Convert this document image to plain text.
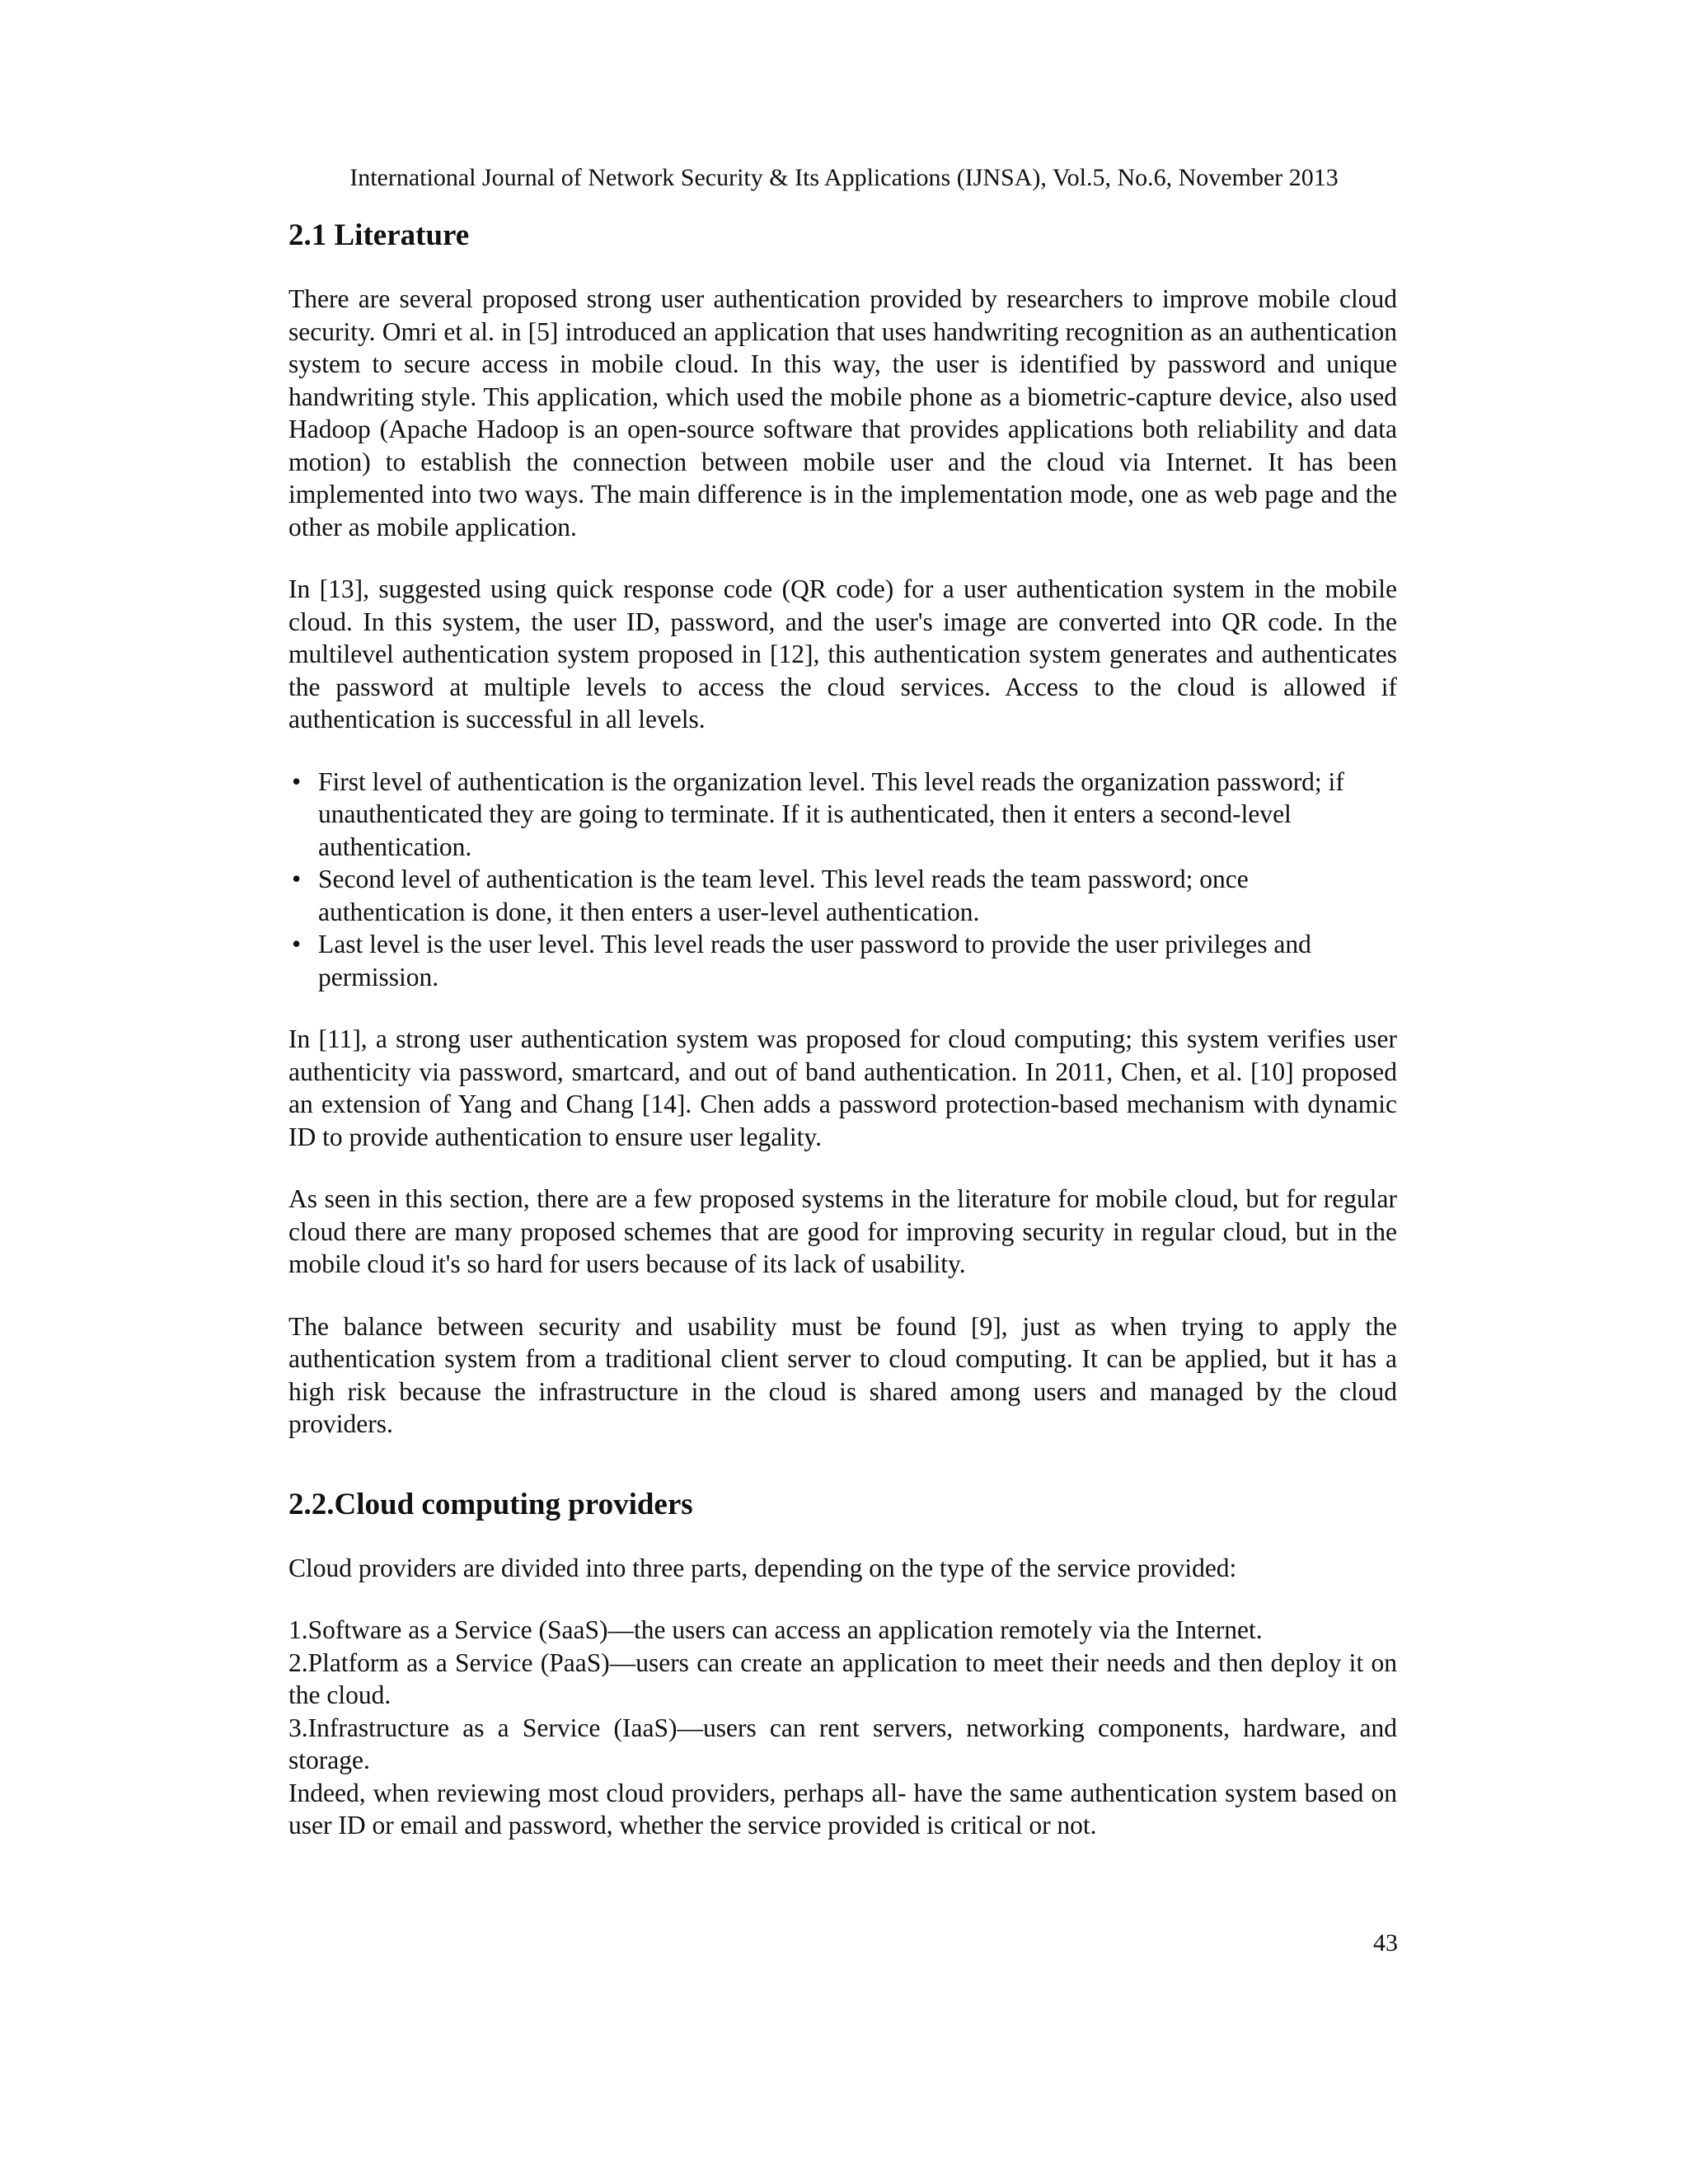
International Journal of Network Security & Its Applications (IJNSA), Vol.5, No.6, November 2013
2.1 Literature

There are several proposed strong user authentication provided by researchers to improve mobile cloud security. Omri et al. in [5] introduced an application that uses handwriting recognition as an authentication system to secure access in mobile cloud. In this way, the user is identified by password and unique handwriting style. This application, which used the mobile phone as a biometric-capture device, also used Hadoop (Apache Hadoop is an open-source software that provides applications both reliability and data motion) to establish the connection between mobile user and the cloud via Internet. It has been implemented into two ways. The main difference is in the implementation mode, one as web page and the other as mobile application.

In [13], suggested using quick response code (QR code) for a user authentication system in the mobile cloud. In this system, the user ID, password, and the user's image are converted into QR code. In the multilevel authentication system proposed in [12], this authentication system generates and authenticates the password at multiple levels to access the cloud services. Access to the cloud is allowed if authentication is successful in all levels.

• First level of authentication is the organization level. This level reads the organization password; if unauthenticated they are going to terminate. If it is authenticated, then it enters a second-level authentication.
• Second level of authentication is the team level. This level reads the team password; once authentication is done, it then enters a user-level authentication.
• Last level is the user level. This level reads the user password to provide the user privileges and permission.

In [11], a strong user authentication system was proposed for cloud computing; this system verifies user authenticity via password, smartcard, and out of band authentication. In 2011, Chen, et al. [10] proposed an extension of Yang and Chang [14]. Chen adds a password protection-based mechanism with dynamic ID to provide authentication to ensure user legality.

As seen in this section, there are a few proposed systems in the literature for mobile cloud, but for regular cloud there are many proposed schemes that are good for improving security in regular cloud, but in the mobile cloud it's so hard for users because of its lack of usability.

The balance between security and usability must be found [9], just as when trying to apply the authentication system from a traditional client server to cloud computing. It can be applied, but it has a high risk because the infrastructure in the cloud is shared among users and managed by the cloud providers.

2.2.Cloud computing providers

Cloud providers are divided into three parts, depending on the type of the service provided:

1.Software as a Service (SaaS)—the users can access an application remotely via the Internet.

2.Platform as a Service (PaaS)—users can create an application to meet their needs and then deploy it on the cloud.

3.Infrastructure as a Service (IaaS)—users can rent servers, networking components, hardware, and storage.

Indeed, when reviewing most cloud providers, perhaps all- have the same authentication system based on user ID or email and password, whether the service provided is critical or not.

43
